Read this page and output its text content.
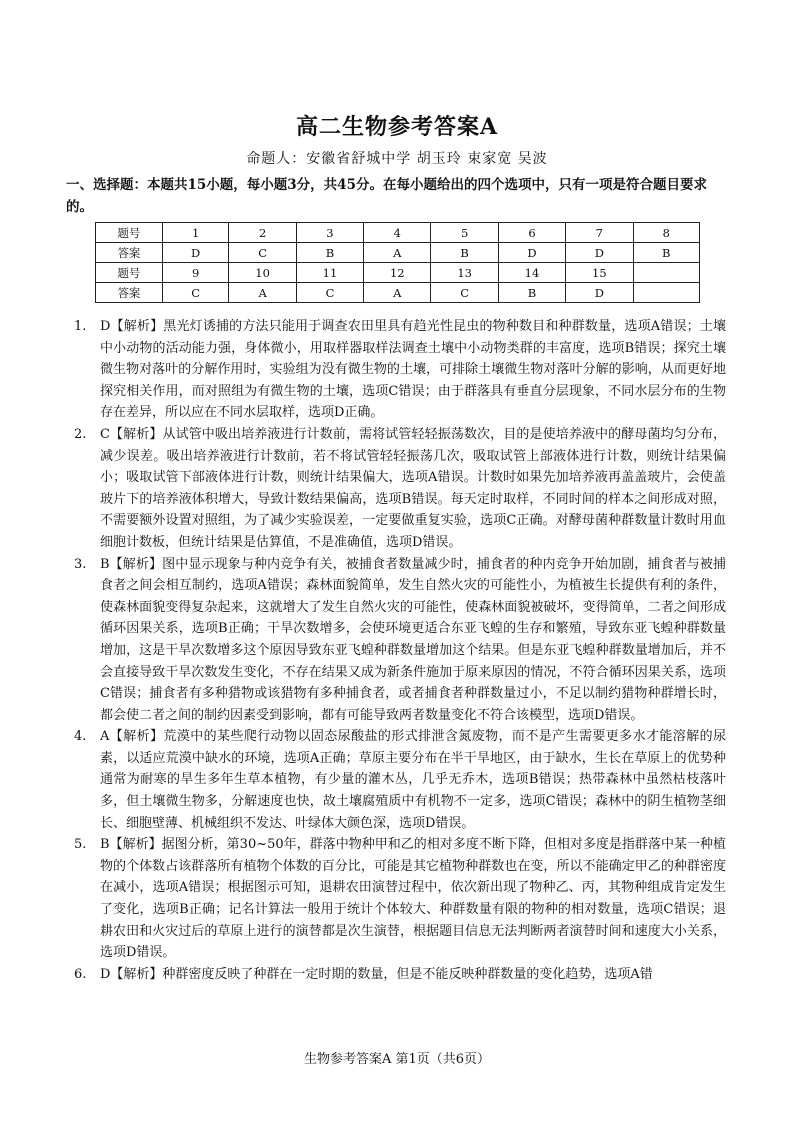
高二生物参考答案A
命题人：安徽省舒城中学 胡玉玲 束家宽 吴波
一、选择题：本题共15小题，每小题3分，共45分。在每小题给出的四个选项中，只有一项是符合题目要求的。
题号	1	2	3	4	5	6	7	8
答案	D	C	B	A	B	D	D	B
题号	9	10	11	12	13	14	15	
答案	C	A	C	A	C	B	D	
1. D【解析】黑光灯诱捕的方法只能用于调查农田里具有趋光性昆虫的物种数目和种群数量，选项A错误；土壤中小动物的活动能力强，身体微小，用取样器取样法调查土壤中小动物类群的丰富度，选项B错误；探究土壤微生物对落叶的分解作用时，实验组为没有微生物的土壤，可排除土壤微生物对落叶分解的影响，从而更好地探究相关作用，而对照组为有微生物的土壤，选项C错误；由于群落具有垂直分层现象，不同水层分布的生物存在差异，所以应在不同水层取样，选项D正确。

2. C【解析】从试管中吸出培养液进行计数前，需将试管轻轻振荡数次，目的是使培养液中的酵母菌均匀分布，减少误差。吸出培养液进行计数前，若不将试管轻轻振荡几次，吸取试管上部液体进行计数，则统计结果偏小；吸取试管下部液体进行计数，则统计结果偏大，选项A错误。计数时如果先加培养液再盖盖玻片，会使盖玻片下的培养液体积增大，导致计数结果偏高，选项B错误。每天定时取样，不同时间的样本之间形成对照，不需要额外设置对照组，为了减少实验误差，一定要做重复实验，选项C正确。对酵母菌种群数量计数时用血细胞计数板，但统计结果是估算值，不是准确值，选项D错误。

3. B【解析】图中显示现象与种内竞争有关，被捕食者数量减少时，捕食者的种内竞争开始加剧，捕食者与被捕食者之间会相互制约，选项A错误；森林面貌简单，发生自然火灾的可能性小，为植被生长提供有利的条件，使森林面貌变得复杂起来，这就增大了发生自然火灾的可能性，使森林面貌被破坏，变得简单，二者之间形成循环因果关系，选项B正确；干旱次数增多，会使环境更适合东亚飞蝗的生存和繁殖，导致东亚飞蝗种群数量增加，这是干旱次数增多这个原因导致东亚飞蝗种群数量增加这个结果。但是东亚飞蝗种群数量增加后，并不会直接导致干旱次数发生变化，不存在结果又成为新条件施加于原来原因的情况，不符合循环因果关系，选项C错误；捕食者有多种猎物或该猎物有多种捕食者，或者捕食者种群数量过小，不足以制约猎物种群增长时，都会使二者之间的制约因素受到影响，都有可能导致两者数量变化不符合该模型，选项D错误。

4. A【解析】荒漠中的某些爬行动物以固态尿酸盐的形式排泄含氮废物，而不是产生需要更多水才能溶解的尿素，以适应荒漠中缺水的环境，选项A正确；草原主要分布在半干旱地区，由于缺水，生长在草原上的优势种通常为耐寒的旱生多年生草本植物，有少量的灌木丛，几乎无乔木，选项B错误；热带森林中虽然枯枝落叶多，但土壤微生物多，分解速度也快，故土壤腐殖质中有机物不一定多，选项C错误；森林中的阴生植物茎细长、细胞壁薄、机械组织不发达、叶绿体大颜色深，选项D错误。

5. B【解析】据图分析，第30~50年，群落中物种甲和乙的相对多度不断下降，但相对多度是指群落中某一种植物的个体数占该群落所有植物个体数的百分比，可能是其它植物种群数也在变，所以不能确定甲乙的种群密度在减小，选项A错误；根据图示可知，退耕农田演替过程中，依次新出现了物种乙、丙，其物种组成肯定发生了变化，选项B正确；记名计算法一般用于统计个体较大、种群数量有限的物种的相对数量，选项C错误；退耕农田和火灾过后的草原上进行的演替都是次生演替，根据题目信息无法判断两者演替时间和速度大小关系，选项D错误。

6. D【解析】种群密度反映了种群在一定时期的数量，但是不能反映种群数量的变化趋势，选项A错

生物参考答案A 第1页（共6页）
